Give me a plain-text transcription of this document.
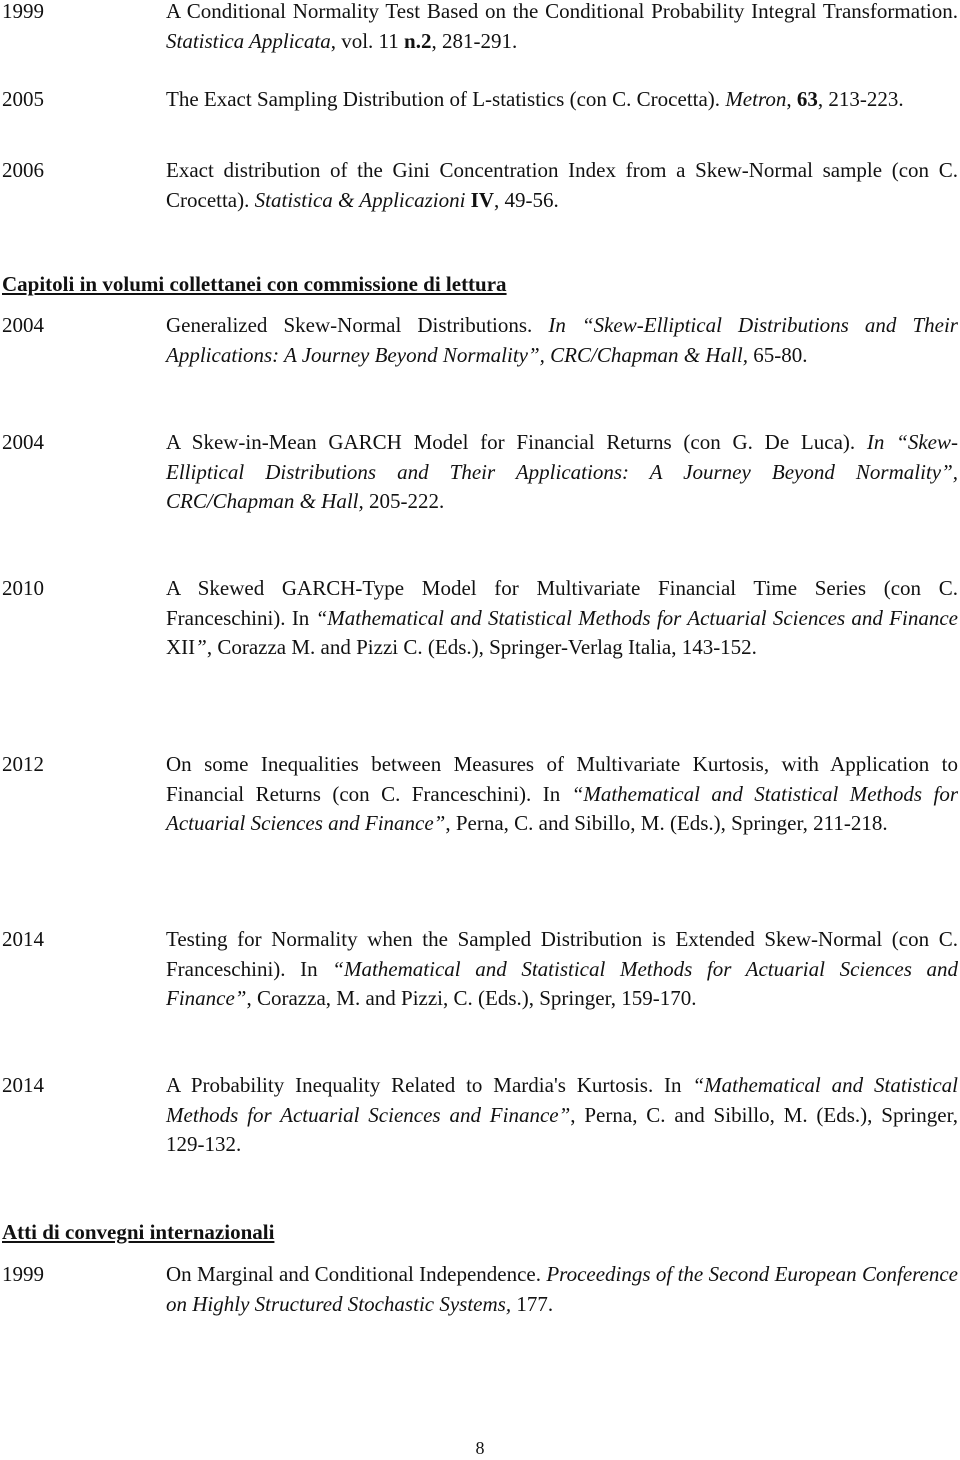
1999	A Conditional Normality Test Based on the Conditional Probability Integral Transformation. Statistica Applicata, vol. 11 n.2, 281-291.
2005	The Exact Sampling Distribution of L-statistics (con C. Crocetta). Metron, 63, 213-223.
2006	Exact distribution of the Gini Concentration Index from a Skew-Normal sample (con C. Crocetta). Statistica & Applicazioni IV, 49-56.
Capitoli in volumi collettanei con commissione di lettura
2004	Generalized Skew-Normal Distributions. In “Skew-Elliptical Distributions and Their Applications: A Journey Beyond Normality”, CRC/Chapman & Hall, 65-80.
2004	A Skew-in-Mean GARCH Model for Financial Returns (con G. De Luca). In “Skew-Elliptical Distributions and Their Applications: A Journey Beyond Normality”, CRC/Chapman & Hall, 205-222.
2010	A Skewed GARCH-Type Model for Multivariate Financial Time Series (con C. Franceschini). In “Mathematical and Statistical Methods for Actuarial Sciences and Finance XII”, Corazza M. and Pizzi C. (Eds.), Springer-Verlag Italia, 143-152.
2012	On some Inequalities between Measures of Multivariate Kurtosis, with Application to Financial Returns (con C. Franceschini). In “Mathematical and Statistical Methods for Actuarial Sciences and Finance”, Perna, C. and Sibillo, M. (Eds.), Springer, 211-218.
2014	Testing for Normality when the Sampled Distribution is Extended Skew-Normal (con C. Franceschini). In “Mathematical and Statistical Methods for Actuarial Sciences and Finance”, Corazza, M. and Pizzi, C. (Eds.), Springer, 159-170.
2014	A Probability Inequality Related to Mardia's Kurtosis. In “Mathematical and Statistical Methods for Actuarial Sciences and Finance”, Perna, C. and Sibillo, M. (Eds.), Springer, 129-132.
Atti di convegni internazionali
1999	On Marginal and Conditional Independence. Proceedings of the Second European Conference on Highly Structured Stochastic Systems, 177.
8
